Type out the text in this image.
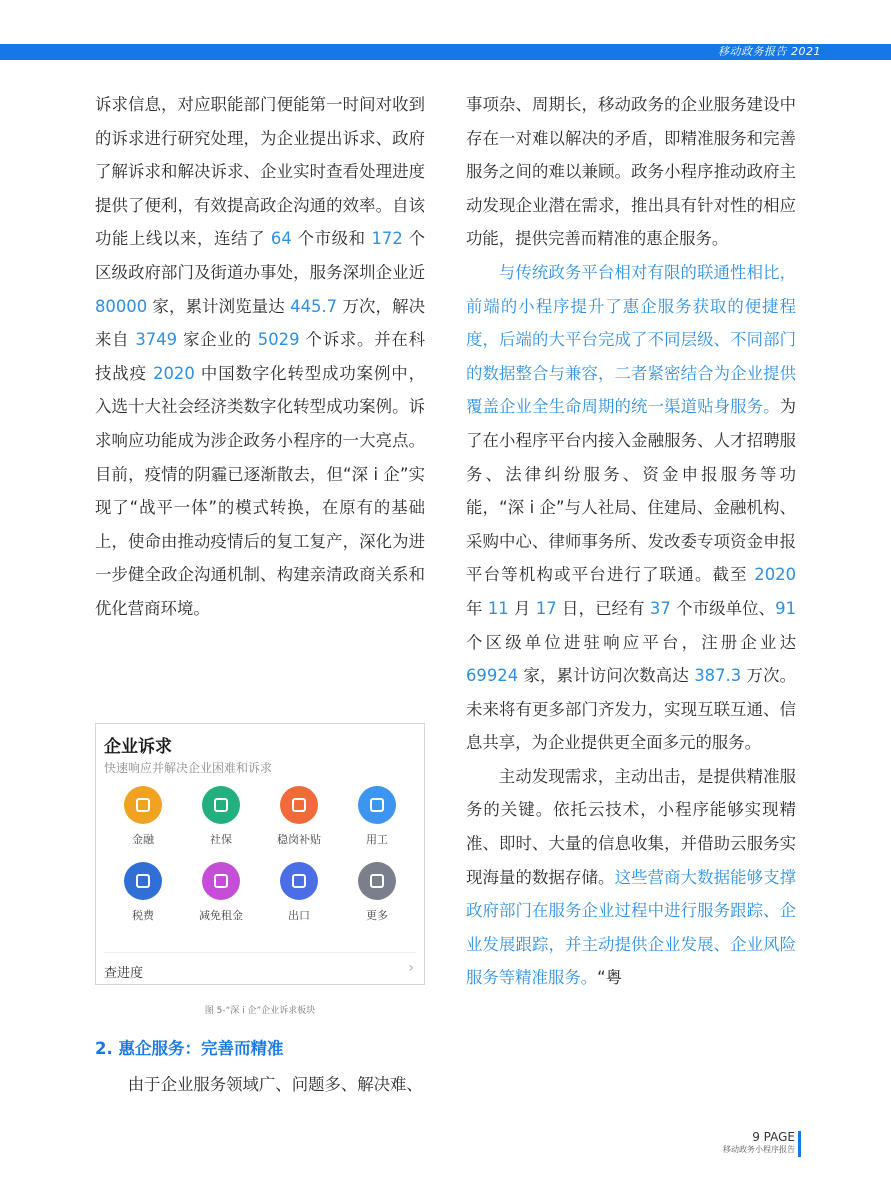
移动政务报告 2021

诉求信息，对应职能部门便能第一时间对收到的诉求进行研究处理，为企业提出诉求、政府了解诉求和解决诉求、企业实时查看处理进度提供了便利，有效提高政企沟通的效率。自该功能上线以来，连结了 64 个市级和 172 个区级政府部门及街道办事处，服务深圳企业近 80000 家，累计浏览量达 445.7 万次，解决来自 3749 家企业的 5029 个诉求。并在科技战疫 2020 中国数字化转型成功案例中，入选十大社会经济类数字化转型成功案例。诉求响应功能成为涉企政务小程序的一大亮点。目前，疫情的阴霾已逐渐散去，但“深 i 企”实现了“战平一体”的模式转换，在原有的基础上，使命由推动疫情后的复工复产，深化为进一步健全政企沟通机制、构建亲清政商关系和优化营商环境。

企业诉求
快速响应并解决企业困难和诉求
金融	社保	稳岗补贴	用工
税费	减免租金	出口	更多
查进度	›
图 5-“深 i 企”企业诉求板块
2. 惠企服务：完善而精准
由于企业服务领域广、问题多、解决难、

事项杂、周期长，移动政务的企业服务建设中存在一对难以解决的矛盾，即精准服务和完善服务之间的难以兼顾。政务小程序推动政府主动发现企业潜在需求，推出具有针对性的相应功能，提供完善而精准的惠企服务。

与传统政务平台相对有限的联通性相比，前端的小程序提升了惠企服务获取的便捷程度，后端的大平台完成了不同层级、不同部门的数据整合与兼容，二者紧密结合为企业提供覆盖企业全生命周期的统一渠道贴身服务。为了在小程序平台内接入金融服务、人才招聘服务、法律纠纷服务、资金申报服务等功能，“深 i 企”与人社局、住建局、金融机构、采购中心、律师事务所、发改委专项资金申报平台等机构或平台进行了联通。截至 2020 年 11 月 17 日，已经有 37 个市级单位、91 个区级单位进驻响应平台，注册企业达 69924 家，累计访问次数高达 387.3 万次。未来将有更多部门齐发力，实现互联互通、信息共享，为企业提供更全面多元的服务。

主动发现需求，主动出击，是提供精准服务的关键。依托云技术，小程序能够实现精准、即时、大量的信息收集，并借助云服务实现海量的数据存储。这些营商大数据能够支撑政府部门在服务企业过程中进行服务跟踪、企业发展跟踪，并主动提供企业发展、企业风险服务等精准服务。“粤

9 PAGE
移动政务小程序报告
